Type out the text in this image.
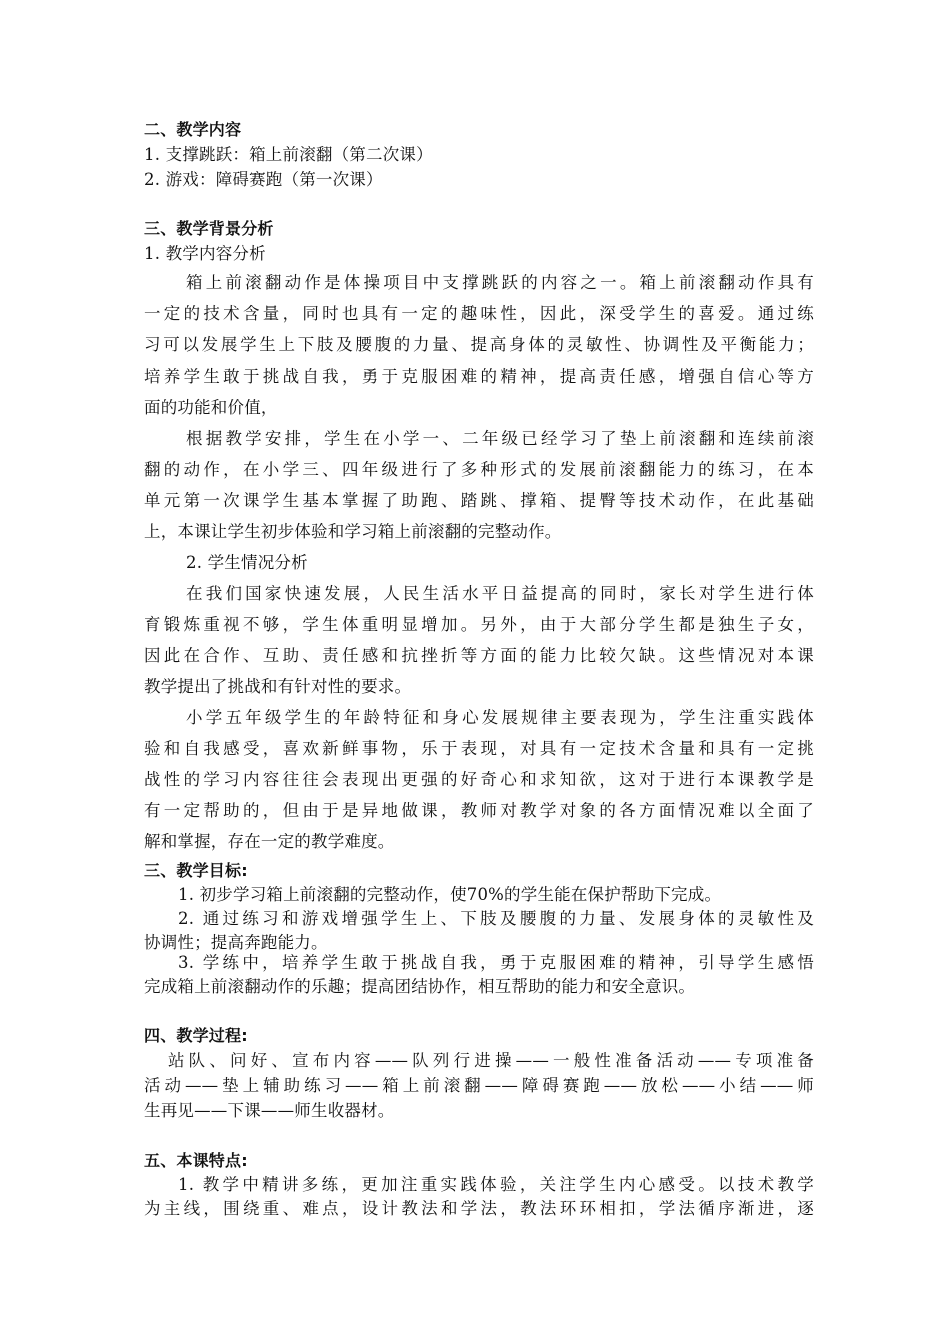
二、教学内容
1. 支撑跳跃：箱上前滚翻（第二次课）
2. 游戏：障碍赛跑（第一次课）
三、教学背景分析
1. 教学内容分析
箱上前滚翻动作是体操项目中支撑跳跃的内容之一。箱上前滚翻动作具有
一定的技术含量，同时也具有一定的趣味性，因此，深受学生的喜爱。通过练
习可以发展学生上下肢及腰腹的力量、提高身体的灵敏性、协调性及平衡能力；
培养学生敢于挑战自我，勇于克服困难的精神，提高责任感，增强自信心等方
面的功能和价值，
根据教学安排，学生在小学一、二年级已经学习了垫上前滚翻和连续前滚
翻的动作，在小学三、四年级进行了多种形式的发展前滚翻能力的练习，在本
单元第一次课学生基本掌握了助跑、踏跳、撑箱、提臀等技术动作，在此基础
上，本课让学生初步体验和学习箱上前滚翻的完整动作。
2. 学生情况分析
在我们国家快速发展，人民生活水平日益提高的同时，家长对学生进行体
育锻炼重视不够，学生体重明显增加。另外，由于大部分学生都是独生子女，
因此在合作、互助、责任感和抗挫折等方面的能力比较欠缺。这些情况对本课
教学提出了挑战和有针对性的要求。
小学五年级学生的年龄特征和身心发展规律主要表现为，学生注重实践体
验和自我感受，喜欢新鲜事物，乐于表现，对具有一定技术含量和具有一定挑
战性的学习内容往往会表现出更强的好奇心和求知欲，这对于进行本课教学是
有一定帮助的，但由于是异地做课，教师对教学对象的各方面情况难以全面了
解和掌握，存在一定的教学难度。
三、教学目标:
1. 初步学习箱上前滚翻的完整动作，使70%的学生能在保护帮助下完成。
2. 通过练习和游戏增强学生上、下肢及腰腹的力量、发展身体的灵敏性及
协调性；提高奔跑能力。
3. 学练中，培养学生敢于挑战自我，勇于克服困难的精神，引导学生感悟
完成箱上前滚翻动作的乐趣；提高团结协作，相互帮助的能力和安全意识。
四、教学过程:
站队、问好、宣布内容——队列行进操——一般性准备活动——专项准备
活动——垫上辅助练习——箱上前滚翻——障碍赛跑——放松——小结——师
生再见——下课——师生收器材。
五、本课特点:
1. 教学中精讲多练，更加注重实践体验，关注学生内心感受。以技术教学
为主线，围绕重、难点，设计教法和学法，教法环环相扣，学法循序渐进，逐
